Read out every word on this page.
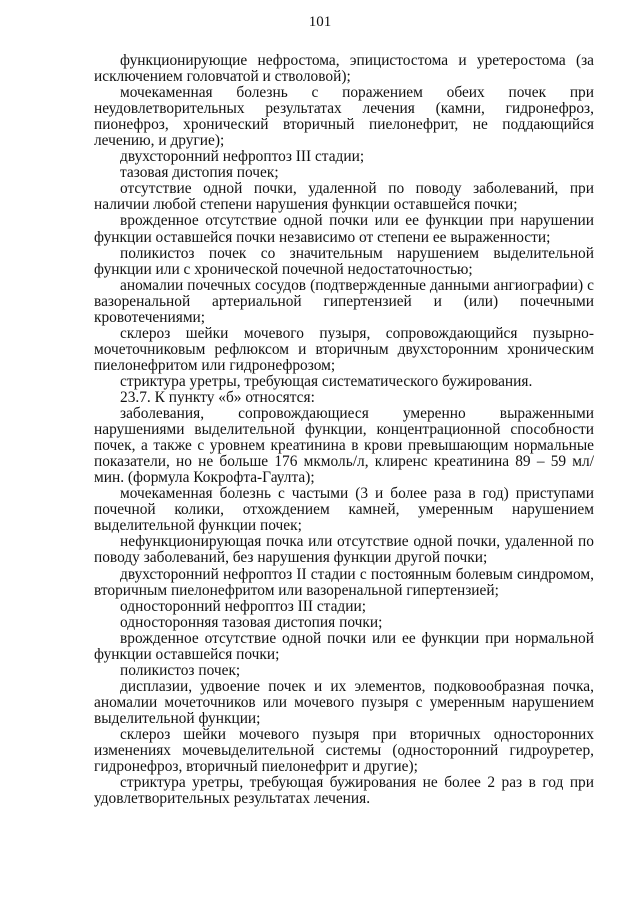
101

функционирующие нефростома, эпицистостома и уретеростома (за исключением головчатой и стволовой);

мочекаменная болезнь с поражением обеих почек при неудовлетворительных результатах лечения (камни, гидронефроз, пионефроз, хронический вторичный пиелонефрит, не поддающийся лечению, и другие);

двухсторонний нефроптоз III стадии;

тазовая дистопия почек;

отсутствие одной почки, удаленной по поводу заболеваний, при наличии любой степени нарушения функции оставшейся почки;

врожденное отсутствие одной почки или ее функции при нарушении функции оставшейся почки независимо от степени ее выраженности;

поликистоз почек со значительным нарушением выделительной функции или с хронической почечной недостаточностью;

аномалии почечных сосудов (подтвержденные данными ангиографии) с вазоренальной артериальной гипертензией и (или) почечными кровотечениями;

склероз шейки мочевого пузыря, сопровождающийся пузырно-мочеточниковым рефлюксом и вторичным двухсторонним хроническим пиелонефритом или гидронефрозом;

стриктура уретры, требующая систематического бужирования.

23.7. К пункту «б» относятся:

заболевания, сопровождающиеся умеренно выраженными нарушениями выделительной функции, концентрационной способности почек, а также с уровнем креатинина в крови превышающим нормальные показатели, но не больше 176 мкмоль/л, клиренс креатинина 89 – 59 мл/мин. (формула Кокрофта-Гаулта);

мочекаменная болезнь с частыми (3 и более раза в год) приступами почечной колики, отхождением камней, умеренным нарушением выделительной функции почек;

нефункционирующая почка или отсутствие одной почки, удаленной по поводу заболеваний, без нарушения функции другой почки;

двухсторонний нефроптоз II стадии с постоянным болевым синдромом, вторичным пиелонефритом или вазоренальной гипертензией;

односторонний нефроптоз III стадии;

односторонняя тазовая дистопия почки;

врожденное отсутствие одной почки или ее функции при нормальной функции оставшейся почки;

поликистоз почек;

дисплазии, удвоение почек и их элементов, подковообразная почка, аномалии мочеточников или мочевого пузыря с умеренным нарушением выделительной функции;

склероз шейки мочевого пузыря при вторичных односторонних изменениях мочевыделительной системы (односторонний гидроуретер, гидронефроз, вторичный пиелонефрит и другие);

стриктура уретры, требующая бужирования не более 2 раз в год при удовлетворительных результатах лечения.
